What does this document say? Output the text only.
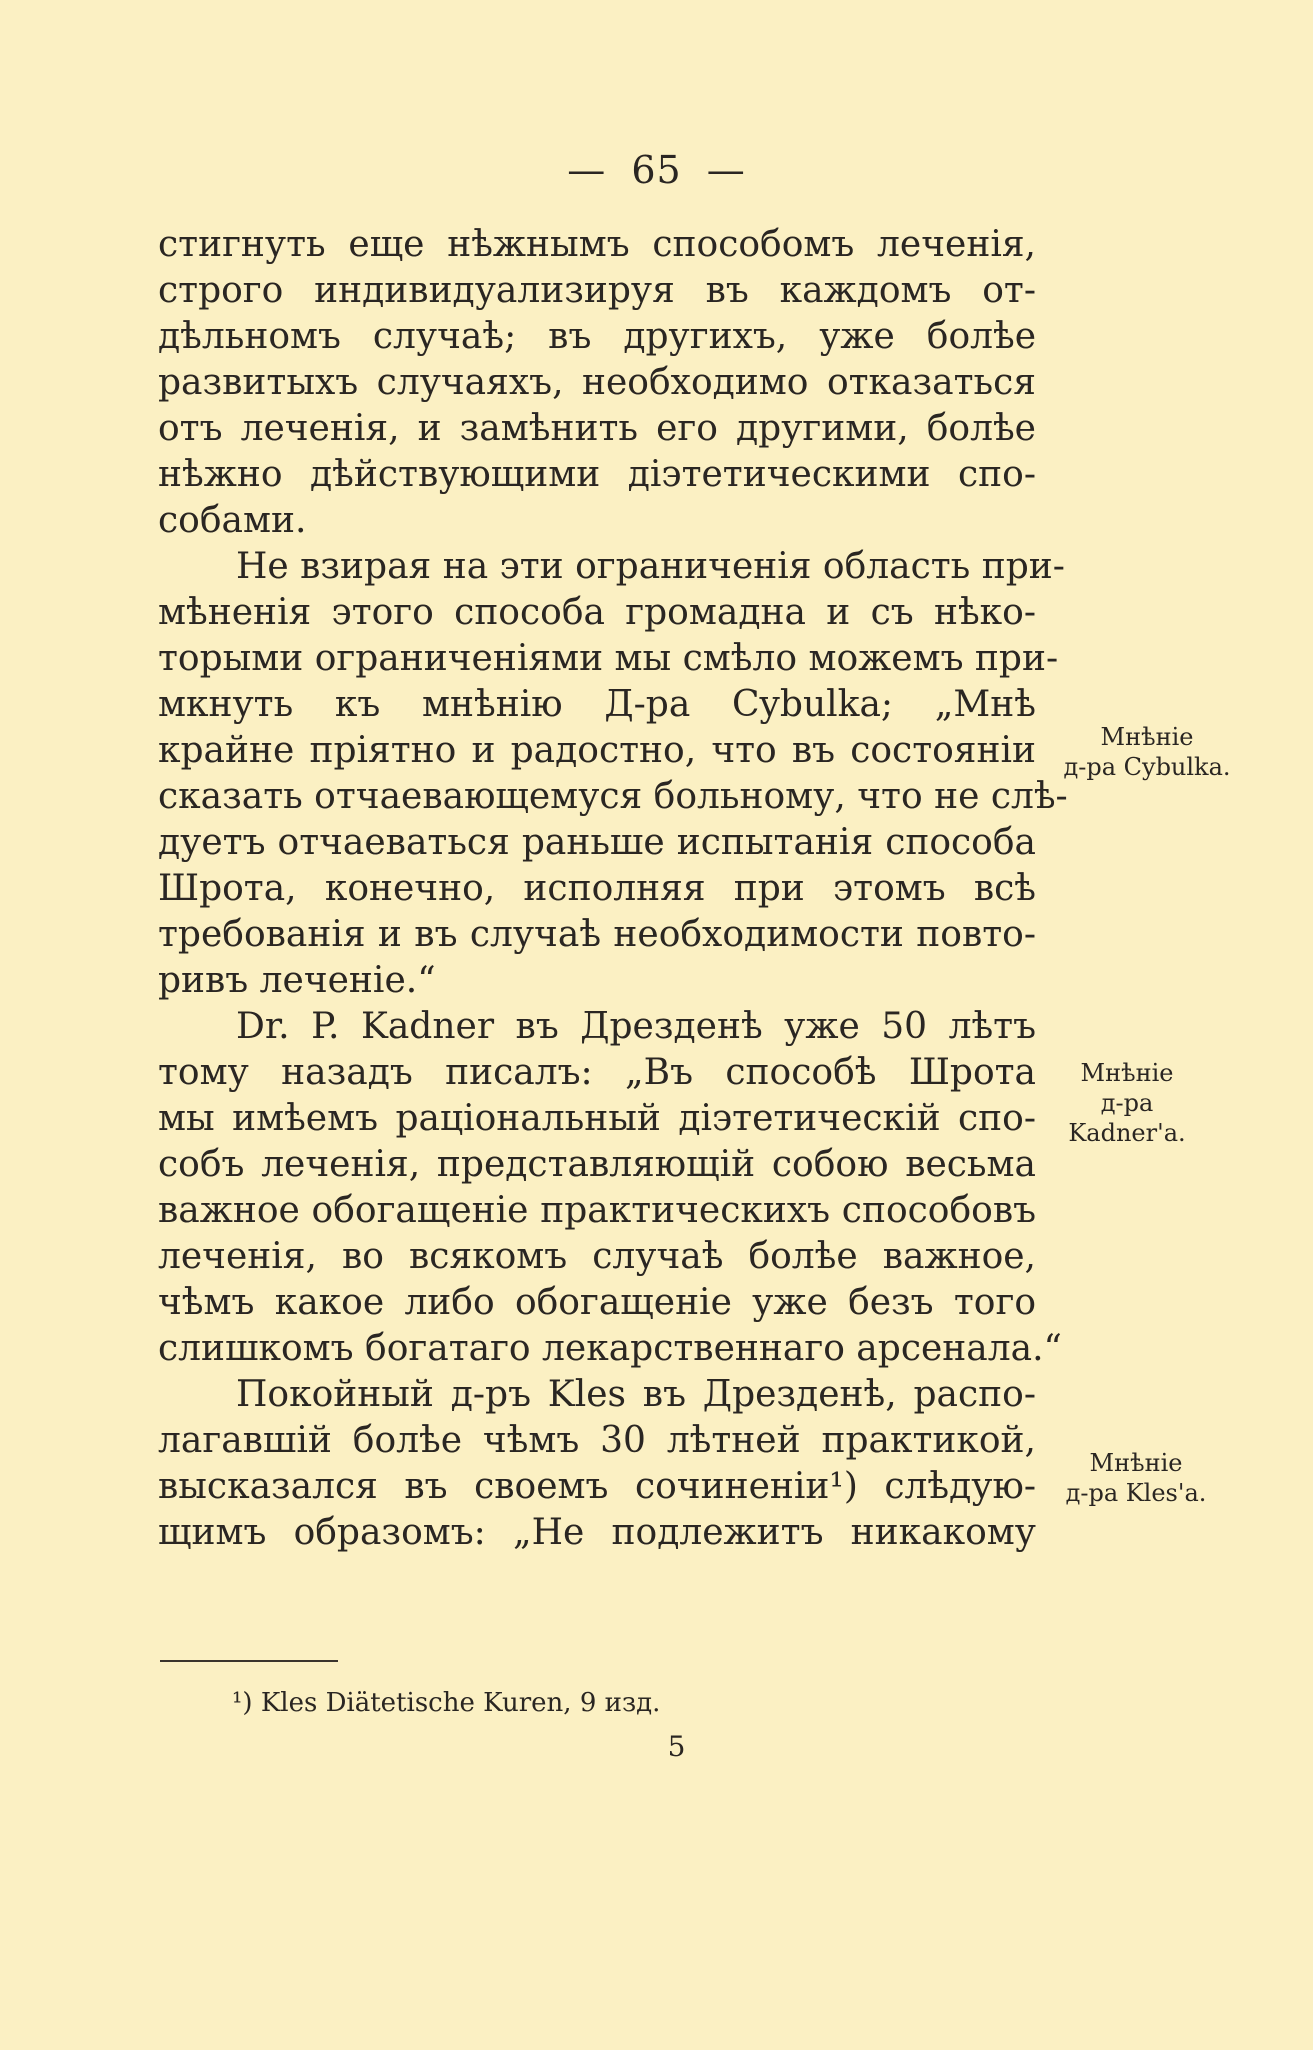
— 65 —
стигнуть еще нѣжнымъ способомъ леченія,
строго индивидуализируя въ каждомъ от-
дѣльномъ случаѣ; въ другихъ, уже болѣе
развитыхъ случаяхъ, необходимо отказаться
отъ леченія, и замѣнить его другими, болѣе
нѣжно дѣйствующими діэтетическими спо-
собами.
Не взирая на эти ограниченія область при-
мѣненія этого способа громадна и съ нѣко-
торыми ограниченіями мы смѣло можемъ при-
мкнуть къ мнѣнію Д-ра Cybulka; „Мнѣ
крайне пріятно и радостно, что въ состояніи
сказать отчаевающемуся больному, что не слѣ-
дуетъ отчаеваться раньше испытанія способа
Шрота, конечно, исполняя при этомъ всѣ
требованія и въ случаѣ необходимости повто-
ривъ леченіе.“
Dr. P. Kadner въ Дрезденѣ уже 50 лѣтъ
тому назадъ писалъ: „Въ способѣ Шрота
мы имѣемъ раціональный діэтетическій спо-
собъ леченія, представляющій собою весьма
важное обогащеніе практическихъ способовъ
леченія, во всякомъ случаѣ болѣе важное,
чѣмъ какое либо обогащеніе уже безъ того
слишкомъ богатаго лекарственнаго арсенала.“
Покойный д-ръ Kles въ Дрезденѣ, распо-
лагавшій болѣе чѣмъ 30 лѣтней практикой,
высказался въ своемъ сочиненіи¹) слѣдую-
щимъ образомъ: „Не подлежитъ никакому
Мнѣніе
д-ра Cybulka.
Мнѣніе
д-ра
Kadner'а.
Мнѣніе
д-ра Kles'а.
¹) Kles Diätetische Kuren, 9 изд.
5
